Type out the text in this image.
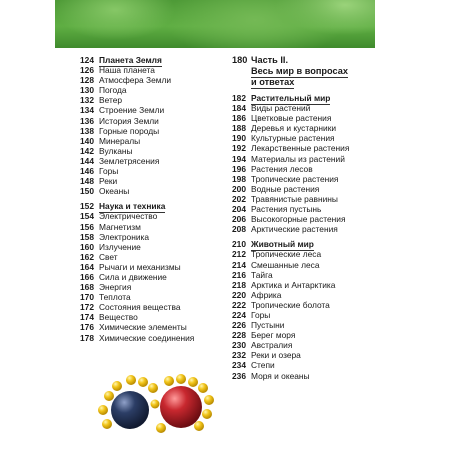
124 Планета Земля
126 Наша планета
128 Атмосфера Земли
130 Погода
132 Ветер
134 Строение Земли
136 История Земли
138 Горные породы
140 Минералы
142 Вулканы
144 Землетрясения
146 Горы
148 Реки
150 Океаны
152 Наука и техника
154 Электричество
156 Магнетизм
158 Электроника
160 Излучение
162 Свет
164 Рычаги и механизмы
166 Сила и движение
168 Энергия
170 Теплота
172 Состояния вещества
174 Вещество
176 Химические элементы
178 Химические соединения
180 Часть II.
Весь мир в вопросах
и ответах
182 Растительный мир
184 Виды растений
186 Цветковые растения
188 Деревья и кустарники
190 Культурные растения
192 Лекарственные растения
194 Материалы из растений
196 Растения лесов
198 Тропические растения
200 Водные растения
202 Травянистые равнины
204 Растения пустынь
206 Высокогорные растения
208 Арктические растения
210 Животный мир
212 Тропические леса
214 Смешанные леса
216 Тайга
218 Арктика и Антарктика
220 Африка
222 Тропические болота
224 Горы
226 Пустыни
228 Берег моря
230 Австралия
232 Реки и озера
234 Степи
236 Моря и океаны
